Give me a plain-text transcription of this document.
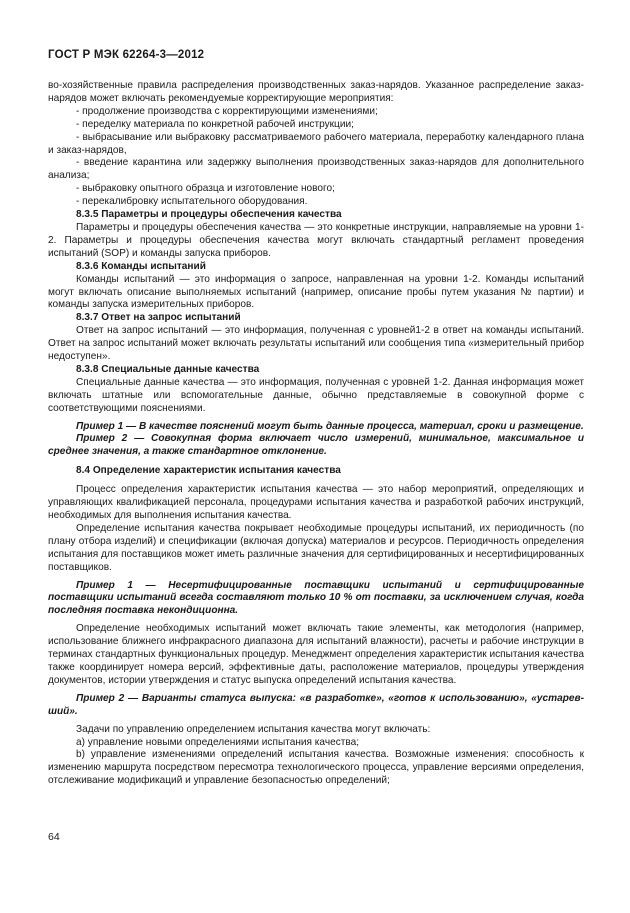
ГОСТ Р МЭК 62264-3—2012

во-хозяйственные правила распределения производственных заказ-нарядов. Указанное распределение заказ-нарядов может включать рекомендуемые корректирующие мероприятия:

- продолжение производства с корректирующими изменениями;

- переделку материала по конкретной рабочей инструкции;

- выбрасывание или выбраковку рассматриваемого рабочего материала, переработку календарного плана и заказ-нарядов,

- введение карантина или задержку выполнения производственных заказ-нарядов для дополнительного анализа;

- выбраковку опытного образца и изготовление нового;

- перекалибровку испытательного оборудования.

8.3.5 Параметры и процедуры обеспечения качества

Параметры и процедуры обеспечения качества — это конкретные инструкции, направляемые на уровни 1-2. Параметры и процедуры обеспечения качества могут включать стандартный регламент проведения испытаний (SOP) и команды запуска приборов.

8.3.6 Команды испытаний

Команды испытаний — это информация о запросе, направленная на уровни 1-2. Команды испытаний могут включать описание выполняемых испытаний (например, описание пробы путем указания № партии) и команды запуска измерительных приборов.

8.3.7 Ответ на запрос испытаний

Ответ на запрос испытаний — это информация, полученная с уровней1-2 в ответ на команды испытаний. Ответ на запрос испытаний может включать результаты испытаний или сообщения типа «измерительный прибор недоступен».

8.3.8 Специальные данные качества

Специальные данные качества — это информация, полученная с уровней 1-2. Данная информация может включать штатные или вспомогательные данные, обычно представляемые в совокупной форме с соответствующими пояснениями.

Пример 1 — В качестве пояснений могут быть данные процесса, материал, сроки и размещение.

Пример 2 — Совокупная форма включает число измерений, минимальное, максимальное и среднее значения, а также стандартное отклонение.

8.4 Определение характеристик испытания качества

Процесс определения характеристик испытания качества — это набор мероприятий, определяющих и управляющих квалификацией персонала, процедурами испытания качества и разработкой рабочих инструкций, необходимых для выполнения испытания качества.

Определение испытания качества покрывает необходимые процедуры испытаний, их периодичность (по плану отбора изделий) и спецификации (включая допуска) материалов и ресурсов. Периодичность определения испытания для поставщиков может иметь различные значения для сертифицированных и несертифицированных поставщиков.

Пример 1 — Несертифицированные поставщики испытаний и сертифицированные поставщики испытаний всегда составляют только 10 % от поставки, за исключением случая, когда последняя поставка некондиционна.

Определение необходимых испытаний может включать такие элементы, как методология (например, использование ближнего инфракрасного диапазона для испытаний влажности), расчеты и рабочие инструкции в терминах стандартных функциональных процедур. Менеджмент определения характеристик испытания качества также координирует номера версий, эффективные даты, расположение материалов, процедуры утверждения документов, истории утверждения и статус выпуска определений испытания качества.

Пример 2 — Варианты статуса выпуска: «в разработке», «готов к использованию», «устаревший».

Задачи по управлению определением испытания качества могут включать:

а) управление новыми определениями испытания качества;

b) управление изменениями определений испытания качества. Возможные изменения: способность к изменению маршрута посредством пересмотра технологического процесса, управление версиями определения, отслеживание модификаций и управление безопасностью определений;

64
